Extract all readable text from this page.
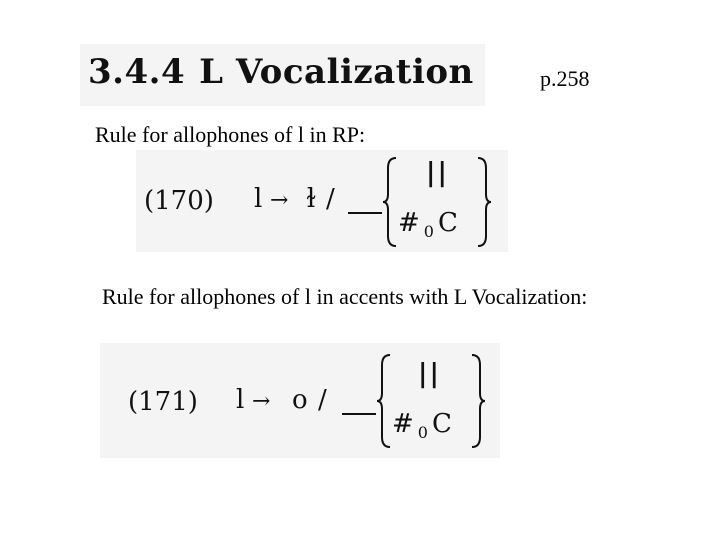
3.4.4 L Vocalization	p.258
Rule for allophones of l in RP:
(170) l → ɫ /
||
# $_0$ C
Rule for allophones of l in accents with L Vocalization:
(171) l → o /
||
# $_0$ C
